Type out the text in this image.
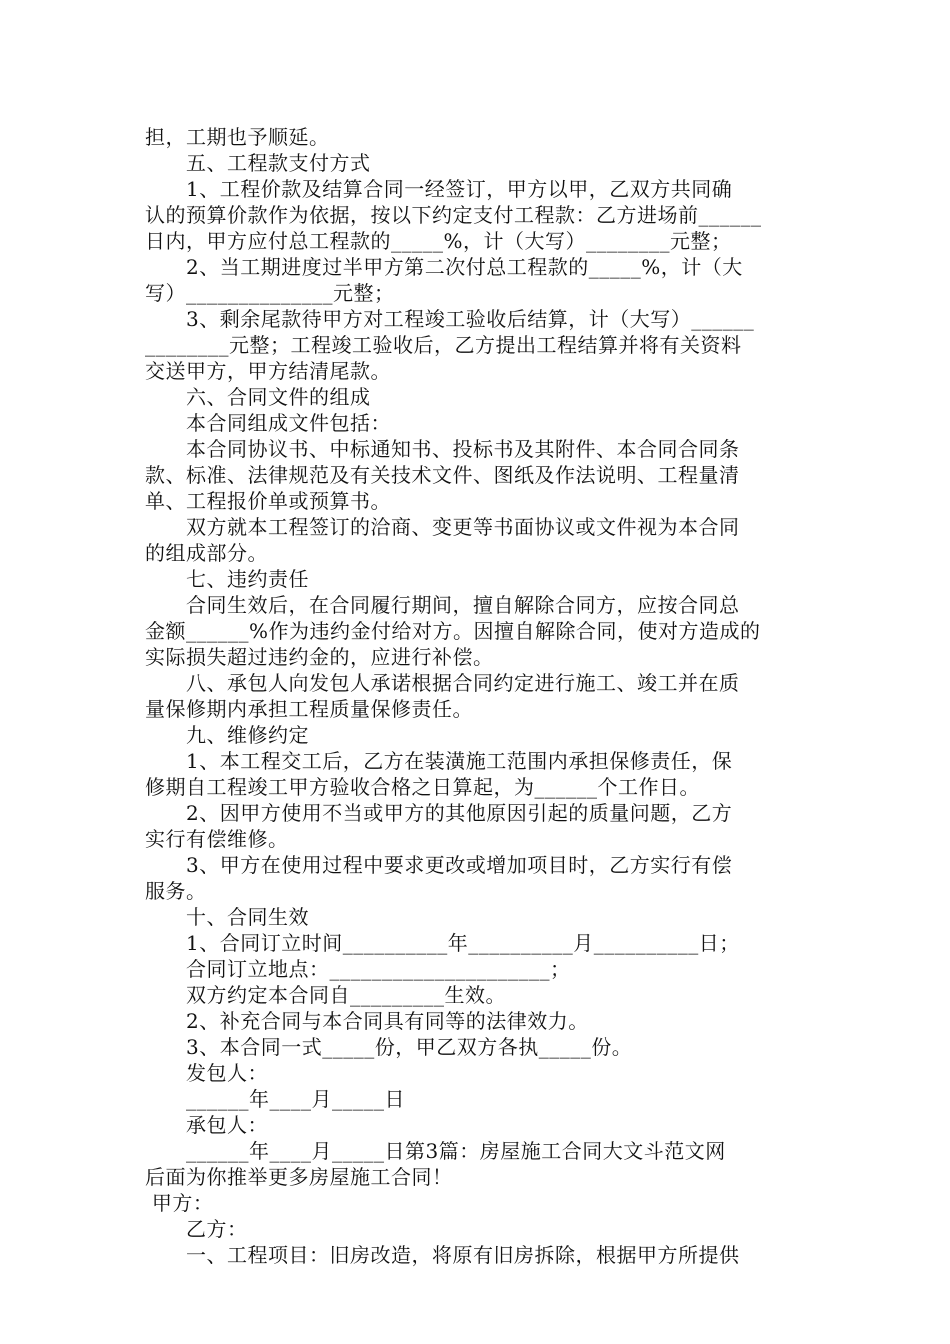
担，工期也予顺延。
　　五、工程款支付方式
　　1、工程价款及结算合同一经签订，甲方以甲，乙双方共同确
认的预算价款作为依据，按以下约定支付工程款：乙方进场前______
日内，甲方应付总工程款的_____%，计（大写）________元整；
　　2、当工期进度过半甲方第二次付总工程款的_____%，计（大
写）______________元整；
　　3、剩余尾款待甲方对工程竣工验收后结算，计（大写）______
________元整；工程竣工验收后，乙方提出工程结算并将有关资料
交送甲方，甲方结清尾款。
　　六、合同文件的组成
　　本合同组成文件包括：
　　本合同协议书、中标通知书、投标书及其附件、本合同合同条
款、标准、法律规范及有关技术文件、图纸及作法说明、工程量清
单、工程报价单或预算书。
　　双方就本工程签订的洽商、变更等书面协议或文件视为本合同
的组成部分。
　　七、违约责任
　　合同生效后，在合同履行期间，擅自解除合同方，应按合同总
金额______%作为违约金付给对方。因擅自解除合同，使对方造成的
实际损失超过违约金的，应进行补偿。
　　八、承包人向发包人承诺根据合同约定进行施工、竣工并在质
量保修期内承担工程质量保修责任。
　　九、维修约定
　　1、本工程交工后，乙方在装潢施工范围内承担保修责任，保
修期自工程竣工甲方验收合格之日算起，为______个工作日。
　　2、因甲方使用不当或甲方的其他原因引起的质量问题，乙方
实行有偿维修。
　　3、甲方在使用过程中要求更改或增加项目时，乙方实行有偿
服务。
　　十、合同生效
　　1、合同订立时间__________年__________月__________日；
　　合同订立地点：_____________________；
　　双方约定本合同自_________生效。
　　2、补充合同与本合同具有同等的法律效力。
　　3、本合同一式_____份，甲乙双方各执_____份。
　　发包人：
　　______年____月_____日
　　承包人：
　　______年____月_____日第3篇：房屋施工合同大文斗范文网
后面为你推举更多房屋施工合同！
甲方：
　　乙方：
　　一、工程项目：旧房改造，将原有旧房拆除，根据甲方所提供
